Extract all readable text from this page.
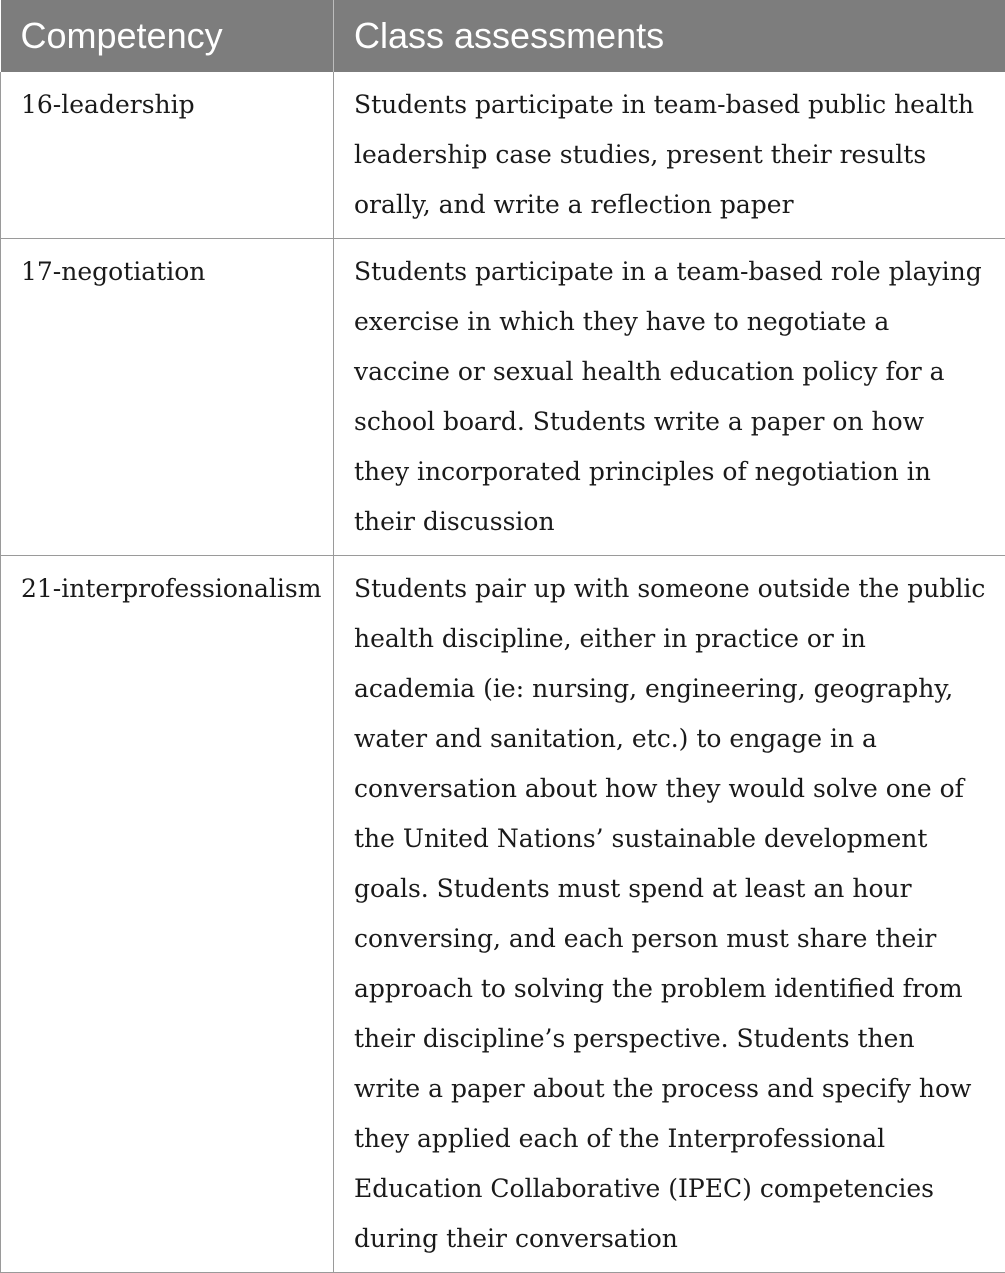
Competency	Class assessments
16-leadership	Students participate in team-based public health leadership case studies, present their results orally, and write a reflection paper
17-negotiation	Students participate in a team-based role playing exercise in which they have to negotiate a vaccine or sexual health education policy for a school board. Students write a paper on how they incorporated principles of negotiation in their discussion
21-interprofessionalism	Students pair up with someone outside the public health discipline, either in practice or in academia (ie: nursing, engineering, geography, water and sanitation, etc.) to engage in a conversation about how they would solve one of the United Nations’ sustainable development goals. Students must spend at least an hour conversing, and each person must share their approach to solving the problem identified from their discipline’s perspective. Students then write a paper about the process and specify how they applied each of the Interprofessional Education Collaborative (IPEC) competencies during their conversation
